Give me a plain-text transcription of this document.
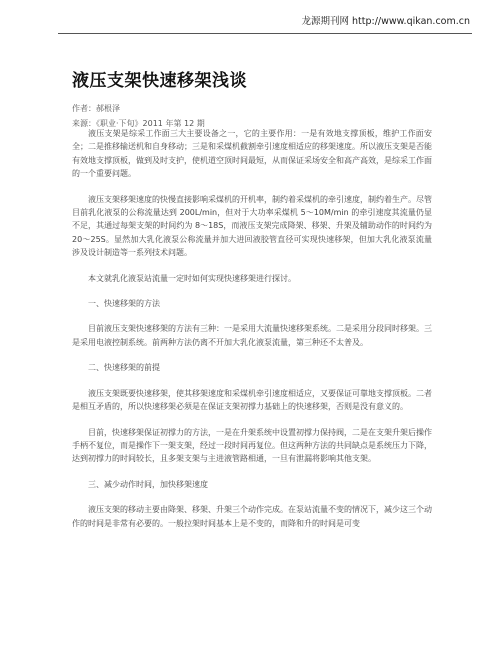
龙源期刊网 http://www.qikan.com.cn
液压支架快速移架浅谈
作者：郝根泽
来源：《职业·下旬》2011 年第 12 期

液压支架是综采工作面三大主要设备之一，它的主要作用：一是有效地支撑顶板，维护工作面安全；二是推移输送机和自身移动；三是和采煤机截割牵引速度相适应的移架速度。所以液压支架是否能有效地支撑顶板，做到及时支护，使机道空顶时间最短，从而保证采场安全和高产高效，是综采工作面的一个重要问题。

液压支架移架速度的快慢直接影响采煤机的开机率，制约着采煤机的牵引速度，制约着生产。尽管目前乳化液泵的公称流量达到 200L/min，但对于大功率采煤机 5～10M/min 的牵引速度其流量仍显不足，其通过每架支架的时间约为 8～18S，而液压支架完成降架、移架、升架及辅助动作的时间约为 20～25S。显然加大乳化液泵公称流量并加大进回液胶管直径可实现快速移架，但加大乳化液泵流量涉及设计制造等一系列技术问题。

本文就乳化液泵站流量一定时如何实现快速移架进行探讨。

一、快速移架的方法

目前液压支架快速移架的方法有三种：一是采用大流量快速移架系统。二是采用分段同时移架。三是采用电液控制系统。前两种方法仍离不开加大乳化液泵流量，第三种还不太普及。

二、快速移架的前提

液压支架既要快速移架，使其移架速度和采煤机牵引速度相适应，又要保证可靠地支撑顶板。二者是相互矛盾的，所以快速移架必须是在保证支架初撑力基础上的快速移架，否则是没有意义的。

目前，快速移架保证初撑力的方法，一是在升架系统中设置初撑力保持阀，二是在支架升架后操作手柄不复位，而是操作下一架支架，经过一段时间再复位。但这两种方法的共同缺点是系统压力下降，达到初撑力的时间较长，且多架支架与主进液管路相通，一旦有泄漏将影响其他支架。

三、减少动作时间，加快移架速度

液压支架的移动主要由降架、移架、升架三个动作完成。在泵站流量不变的情况下，减少这三个动作的时间是非常有必要的。一般拉架时间基本上是不变的，而降和升的时间是可变
